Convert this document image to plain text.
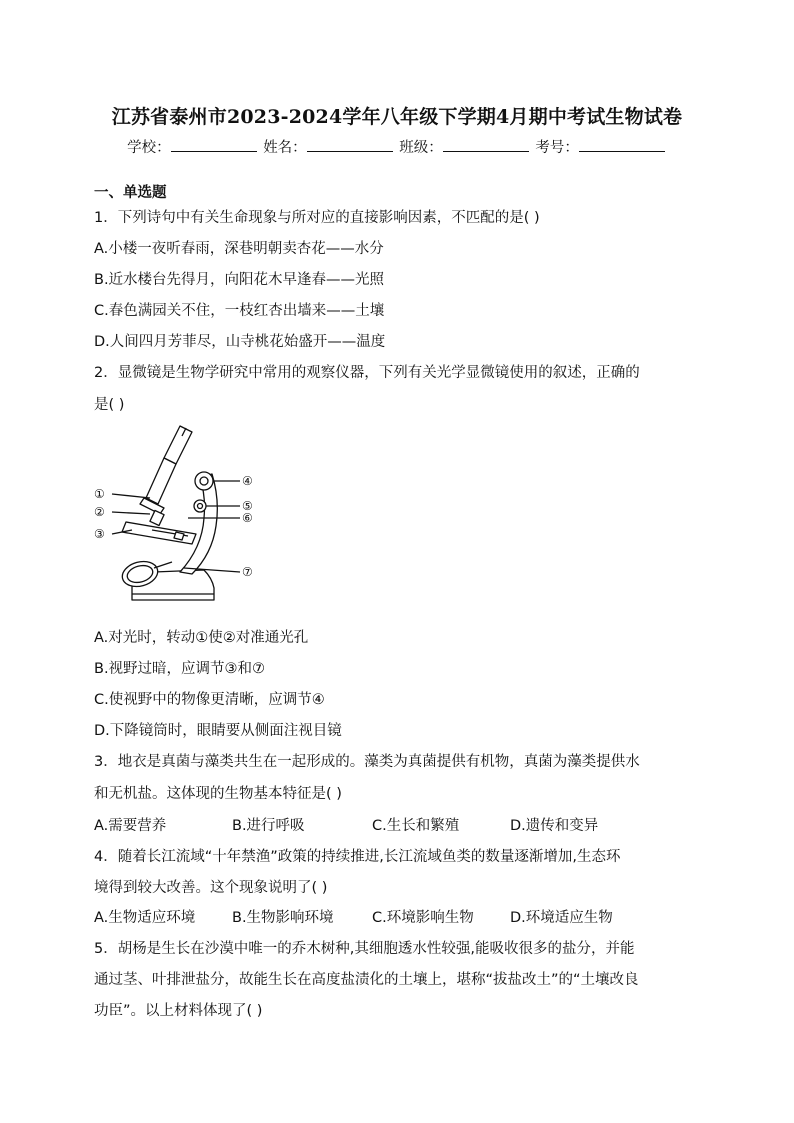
江苏省泰州市2023-2024学年八年级下学期4月期中考试生物试卷
学校：	姓名：	班级：	考号：
一、单选题
1．下列诗句中有关生命现象与所对应的直接影响因素，不匹配的是( )
A.小楼一夜听春雨，深巷明朝卖杏花——水分
B.近水楼台先得月，向阳花木早逢春——光照
C.春色满园关不住，一枝红杏出墙来——土壤
D.人间四月芳菲尽，山寺桃花始盛开——温度
2．显微镜是生物学研究中常用的观察仪器，下列有关光学显微镜使用的叙述，正确的
是( )
①
②
③
④
⑤
⑥
⑦
A.对光时，转动①使②对准通光孔
B.视野过暗，应调节③和⑦
C.使视野中的物像更清晰，应调节④
D.下降镜筒时，眼睛要从侧面注视目镜
3．地衣是真菌与藻类共生在一起形成的。藻类为真菌提供有机物，真菌为藻类提供水
和无机盐。这体现的生物基本特征是( )
A.需要营养	B.进行呼吸	C.生长和繁殖	D.遗传和变异
4．随着长江流域“十年禁渔”政策的持续推进,长江流域鱼类的数量逐渐增加,生态环
境得到较大改善。这个现象说明了( )
A.生物适应环境	B.生物影响环境	C.环境影响生物	D.环境适应生物
5．胡杨是生长在沙漠中唯一的乔木树种,其细胞透水性较强,能吸收很多的盐分，并能
通过茎、叶排泄盐分，故能生长在高度盐渍化的土壤上，堪称“拔盐改土”的“土壤改良
功臣”。以上材料体现了( )
